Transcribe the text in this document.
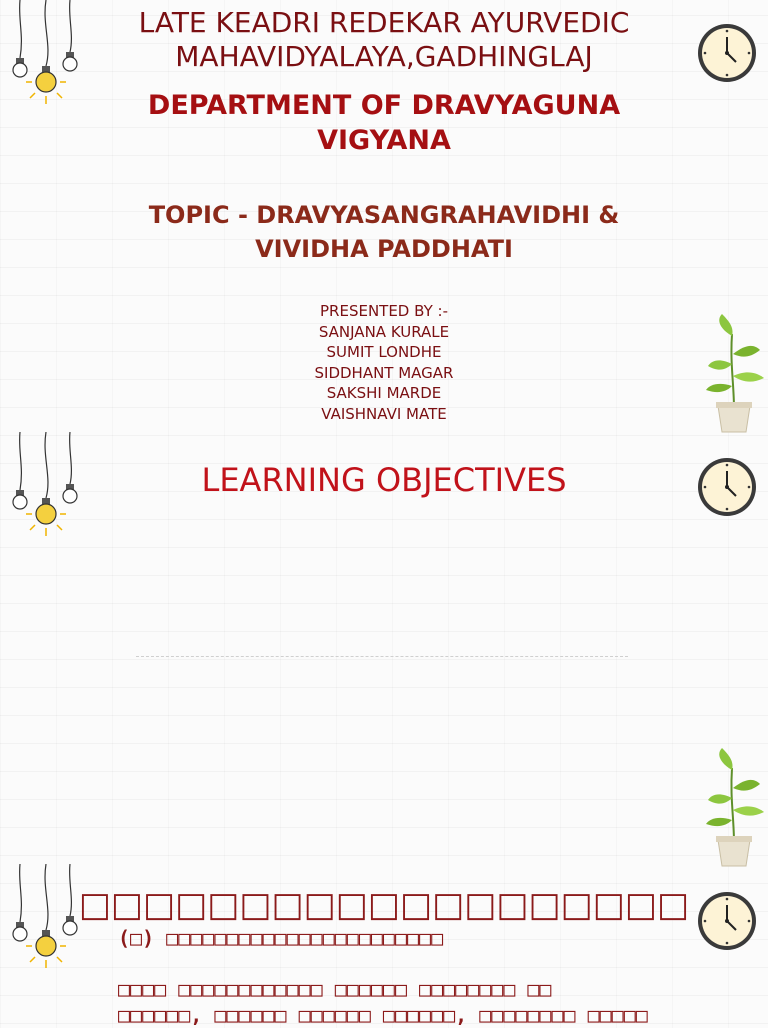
LATE KEADRI REDEKAR AYURVEDIC
MAHAVIDYALAYA,GADHINGLAJ
DEPARTMENT OF DRAVYAGUNA
VIGYANA
TOPIC - DRAVYASANGRAHAVIDHI &
VIVIDHA PADDHATI
PRESENTED BY :-
SANJANA KURALE
SUMIT LONDHE
SIDDHANT MAGAR
SAKSHI MARDE
VAISHNAVI MATE
LEARNING OBJECTIVES
□□□□□□□□□□□□□□□□□□□
(□) □□□□□□□□□□□□□□□□□□□□□□□
□□□□ □□□□□□□□□□□□ □□□□□□ □□□□□□□□ □□
□□□□□□, □□□□□□ □□□□□□ □□□□□□, □□□□□□□□ □□□□□
